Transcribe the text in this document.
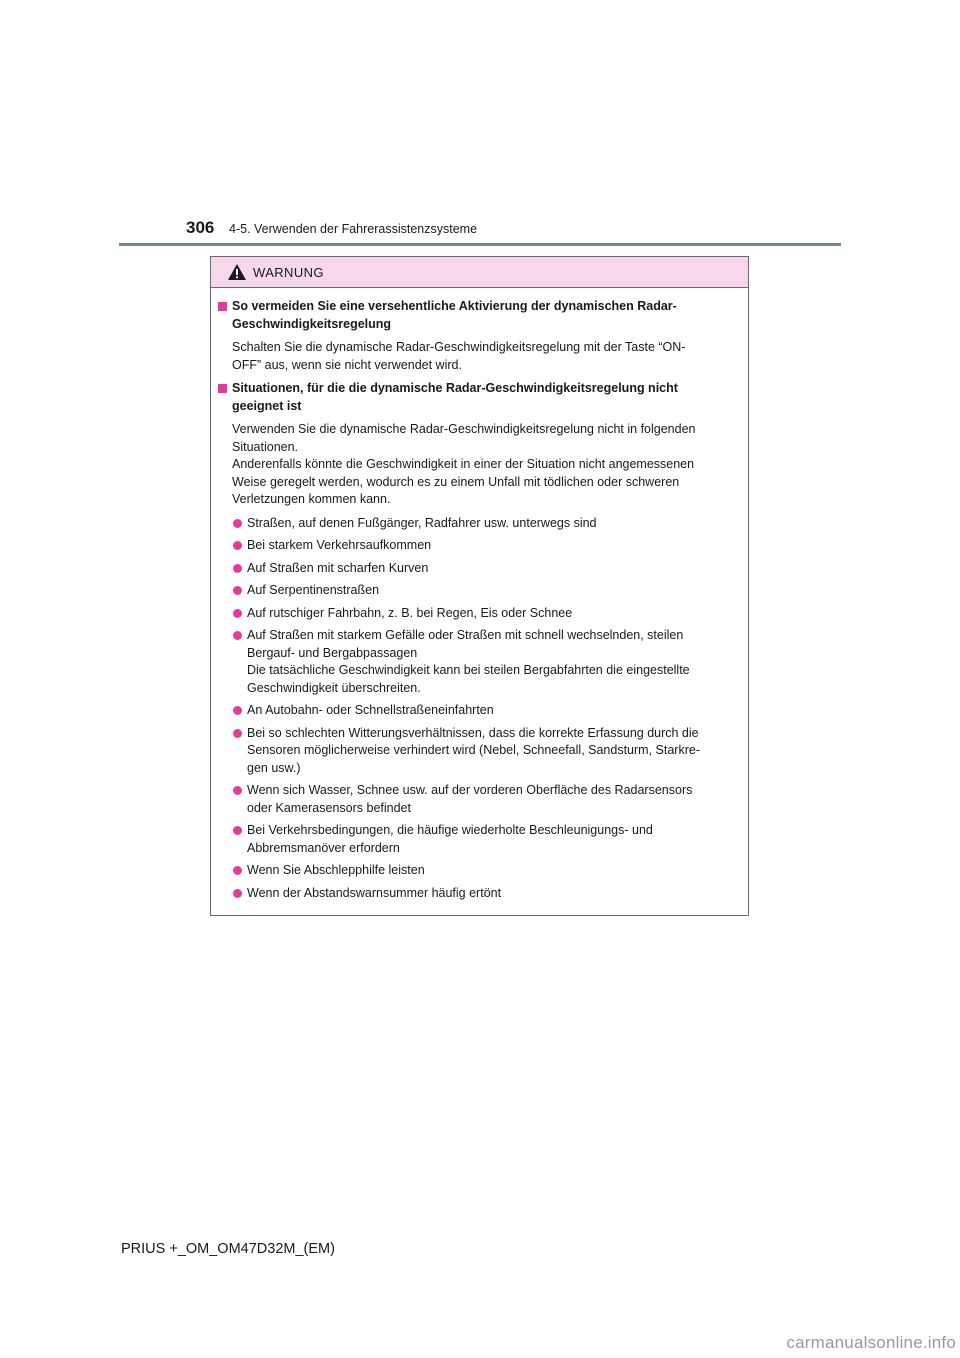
306 4-5. Verwenden der Fahrerassistenzsysteme
WARNUNG
So vermeiden Sie eine versehentliche Aktivierung der dynamischen Radar-
Geschwindigkeitsregelung
Schalten Sie die dynamische Radar-Geschwindigkeitsregelung mit der Taste “ON-
OFF” aus, wenn sie nicht verwendet wird.
Situationen, für die die dynamische Radar-Geschwindigkeitsregelung nicht
geeignet ist
Verwenden Sie die dynamische Radar-Geschwindigkeitsregelung nicht in folgenden
Situationen.
Anderenfalls könnte die Geschwindigkeit in einer der Situation nicht angemessenen
Weise geregelt werden, wodurch es zu einem Unfall mit tödlichen oder schweren
Verletzungen kommen kann.
Straßen, auf denen Fußgänger, Radfahrer usw. unterwegs sind
Bei starkem Verkehrsaufkommen
Auf Straßen mit scharfen Kurven
Auf Serpentinenstraßen
Auf rutschiger Fahrbahn, z. B. bei Regen, Eis oder Schnee
Auf Straßen mit starkem Gefälle oder Straßen mit schnell wechselnden, steilen
Bergauf- und Bergabpassagen
Die tatsächliche Geschwindigkeit kann bei steilen Bergabfahrten die eingestellte
Geschwindigkeit überschreiten.
An Autobahn- oder Schnellstraßeneinfahrten
Bei so schlechten Witterungsverhältnissen, dass die korrekte Erfassung durch die
Sensoren möglicherweise verhindert wird (Nebel, Schneefall, Sandsturm, Starkre-
gen usw.)
Wenn sich Wasser, Schnee usw. auf der vorderen Oberfläche des Radarsensors
oder Kamerasensors befindet
Bei Verkehrsbedingungen, die häufige wiederholte Beschleunigungs- und
Abbremsmanöver erfordern
Wenn Sie Abschlepphilfe leisten
Wenn der Abstandswarnsummer häufig ertönt
PRIUS +_OM_OM47D32M_(EM)
carmanualsonline.info
